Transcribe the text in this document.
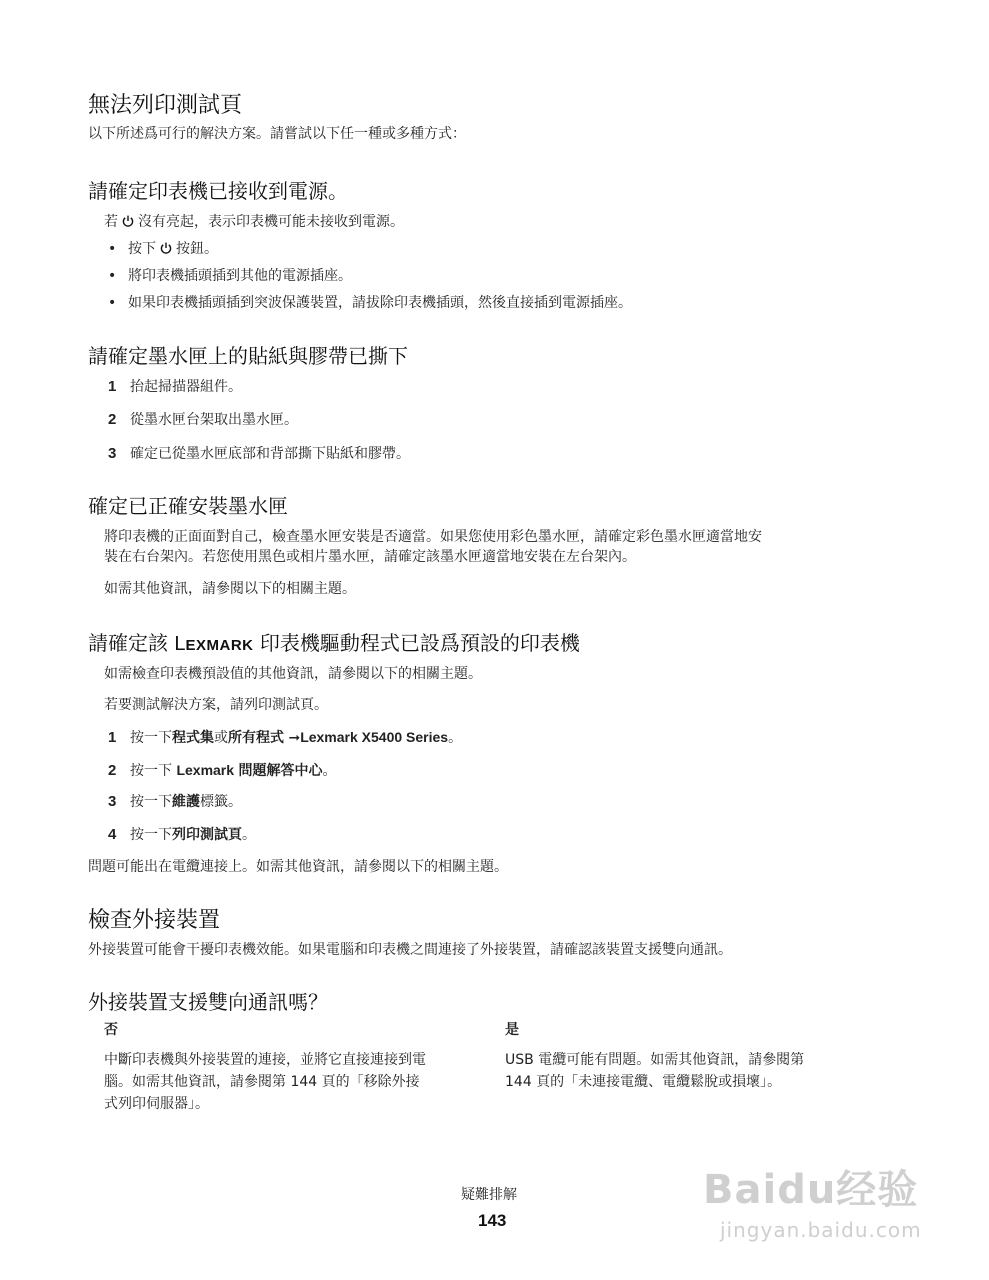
無法列印測試頁
以下所述爲可行的解決方案。請嘗試以下任一種或多種方式：
請確定印表機已接收到電源。
若 沒有亮起，表示印表機可能未接收到電源。
• 按下 按鈕。
• 將印表機插頭插到其他的電源插座。
• 如果印表機插頭插到突波保護裝置，請拔除印表機插頭，然後直接插到電源插座。
請確定墨水匣上的貼紙與膠帶已撕下
1 抬起掃描器組件。
2 從墨水匣台架取出墨水匣。
3 確定已從墨水匣底部和背部撕下貼紙和膠帶。
確定已正確安裝墨水匣
將印表機的正面面對自己，檢查墨水匣安裝是否適當。如果您使用彩色墨水匣，請確定彩色墨水匣適當地安
裝在右台架內。若您使用黑色或相片墨水匣，請確定該墨水匣適當地安裝在左台架內。
如需其他資訊，請參閱以下的相關主題。
請確定該 LEXMARK 印表機驅動程式已設爲預設的印表機
如需檢查印表機預設值的其他資訊，請參閱以下的相關主題。
若要測試解決方案，請列印測試頁。
1 按一下程式集或所有程式 ➞Lexmark X5400 Series。
2 按一下 Lexmark 問題解答中心。
3 按一下維護標籤。
4 按一下列印測試頁。
問題可能出在電纜連接上。如需其他資訊，請參閱以下的相關主題。
檢查外接裝置
外接裝置可能會干擾印表機效能。如果電腦和印表機之間連接了外接裝置，請確認該裝置支援雙向通訊。
外接裝置支援雙向通訊嗎？
否	是
中斷印表機與外接裝置的連接，並將它直接連接到電
腦。如需其他資訊，請參閱第 144 頁的「移除外接
式列印伺服器」。
USB 電纜可能有問題。如需其他資訊，請參閱第
144 頁的「未連接電纜、電纜鬆脫或損壞」。
疑難排解
143
Baidu经验
jingyan.baidu.com
